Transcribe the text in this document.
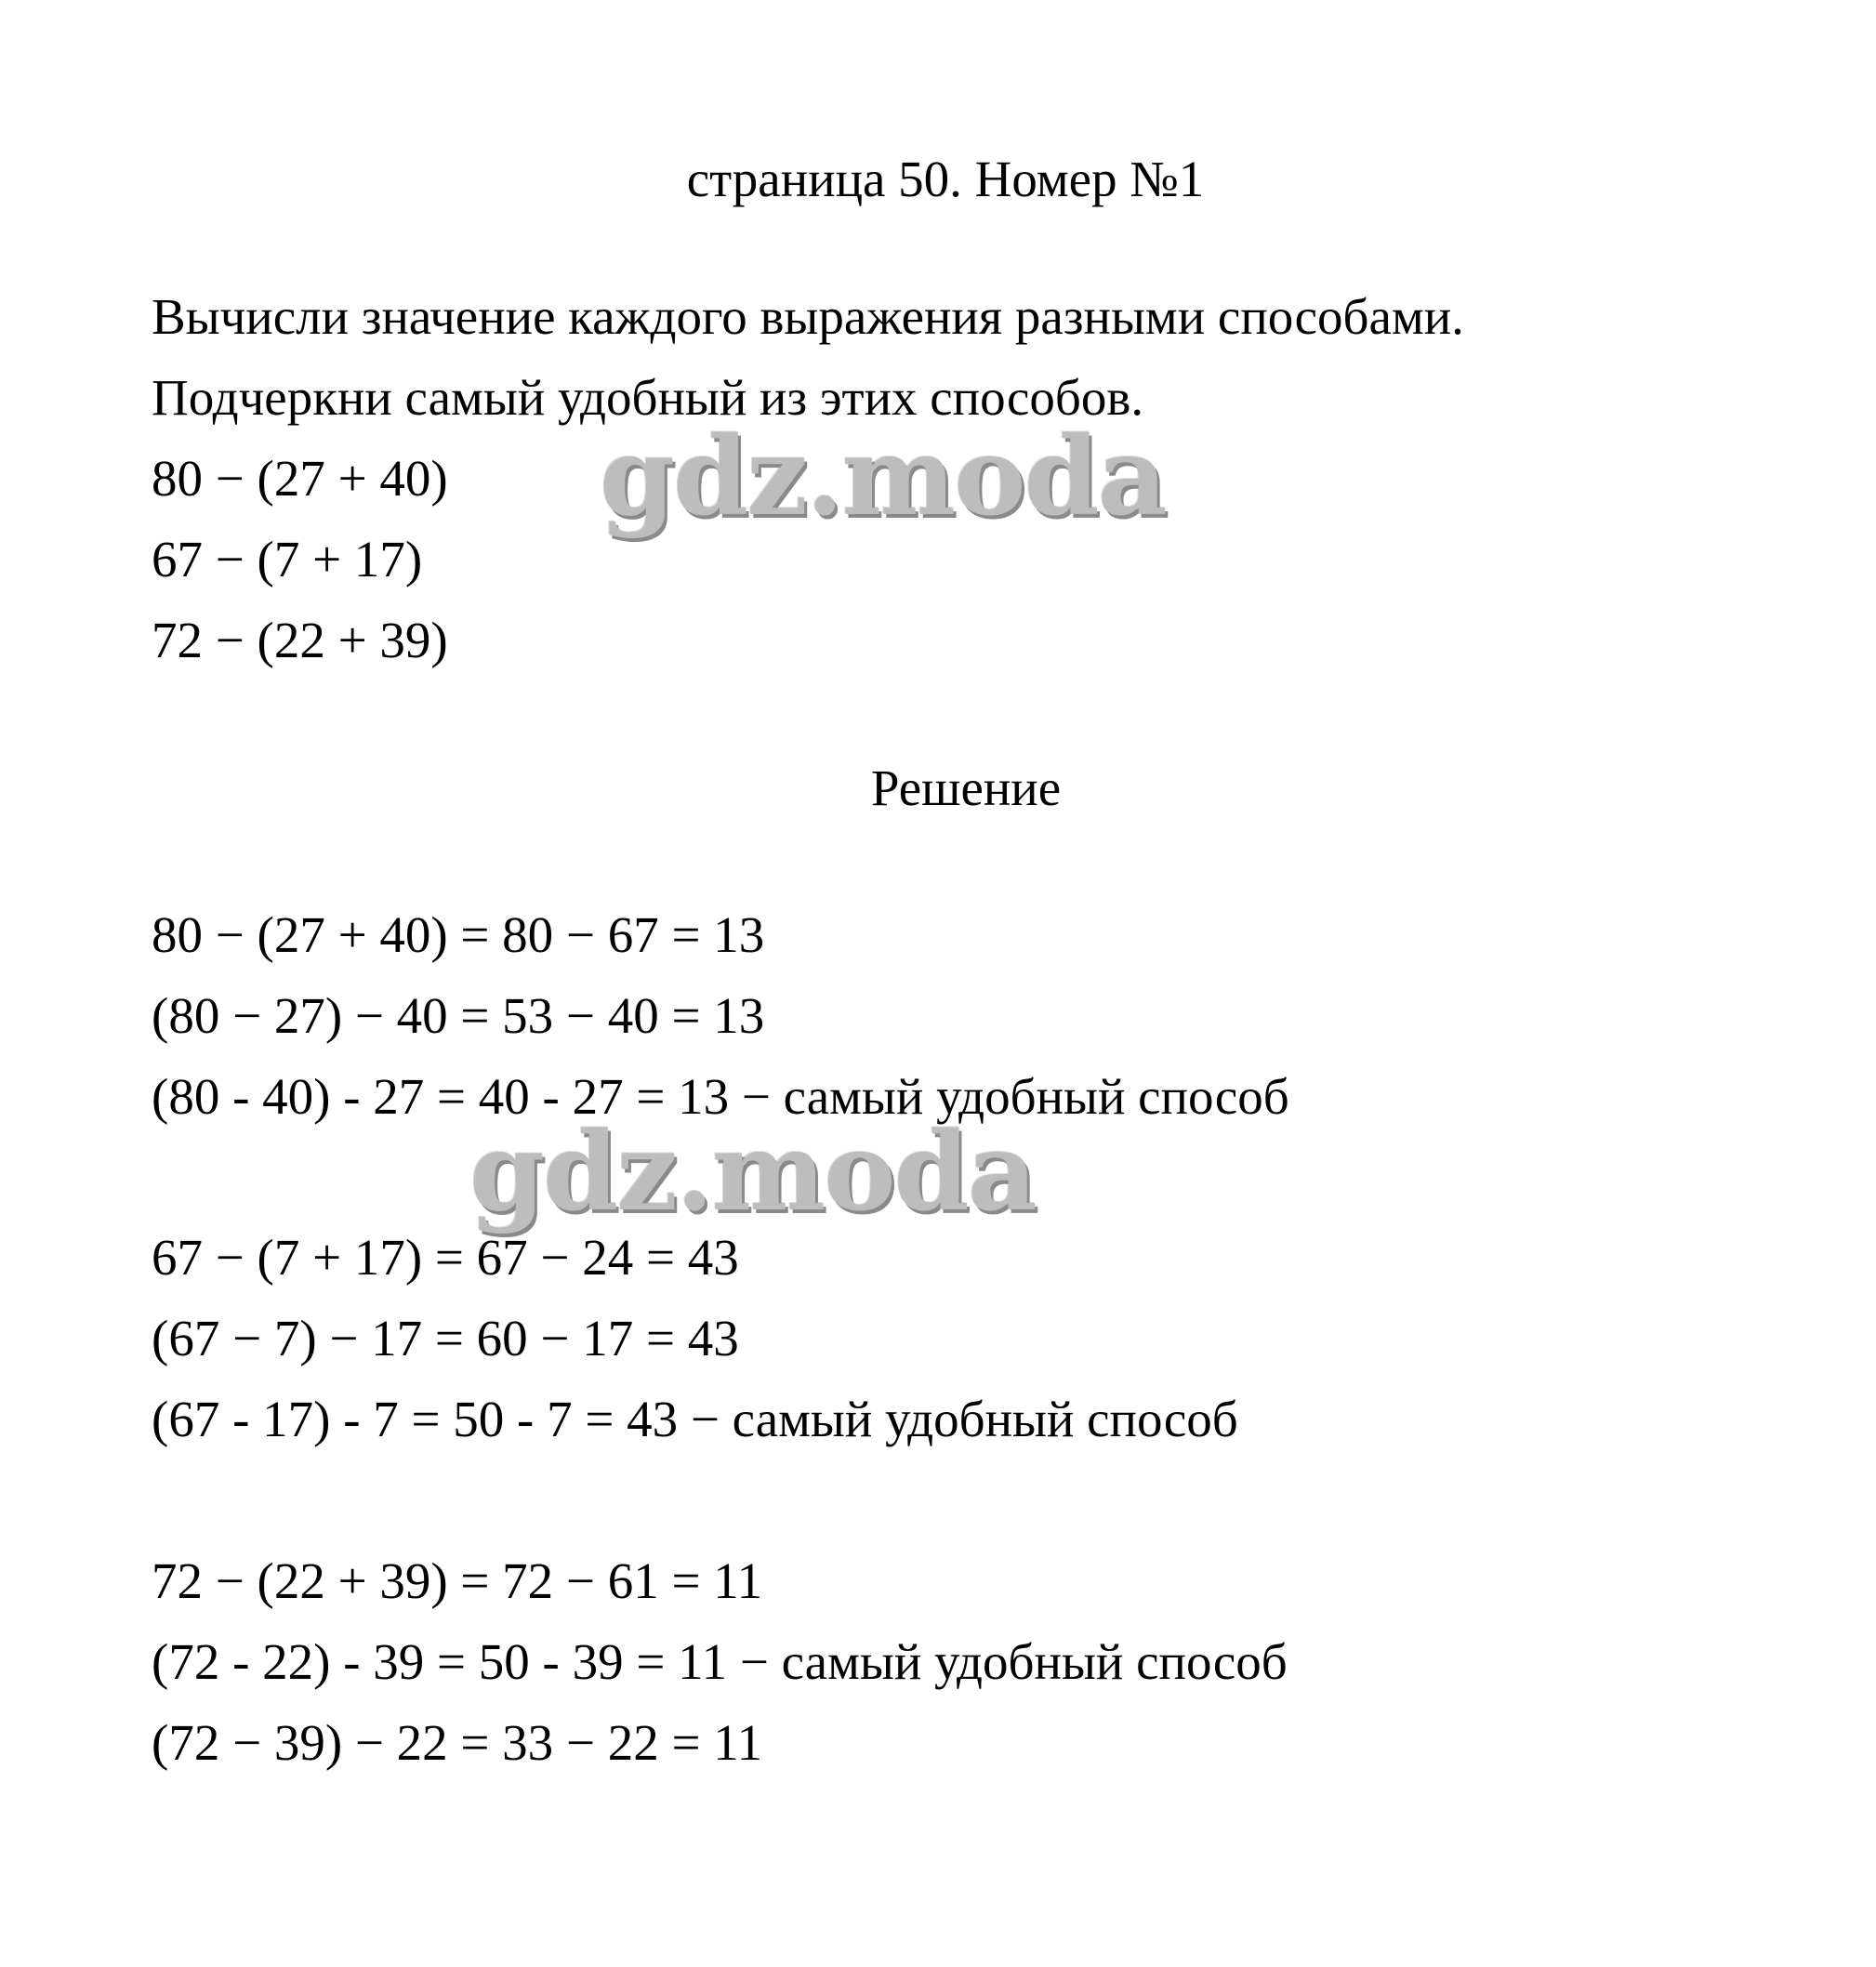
страница 50. Номер №1
Вычисли значение каждого выражения разными способами.
Подчеркни самый удобный из этих способов.
80 − (27 + 40)
67 − (7 + 17)
72 − (22 + 39)
gdz.moda
Решение
80 − (27 + 40) = 80 − 67 = 13
(80 − 27) − 40 = 53 − 40 = 13
(80 - 40) - 27 = 40 - 27 = 13 − самый удобный способ
gdz.moda
67 − (7 + 17) = 67 − 24 = 43
(67 − 7) − 17 = 60 − 17 = 43
(67 - 17) - 7 = 50 - 7 = 43 − самый удобный способ
72 − (22 + 39) = 72 − 61 = 11
(72 - 22) - 39 = 50 - 39 = 11 − самый удобный способ
(72 − 39) − 22 = 33 − 22 = 11
